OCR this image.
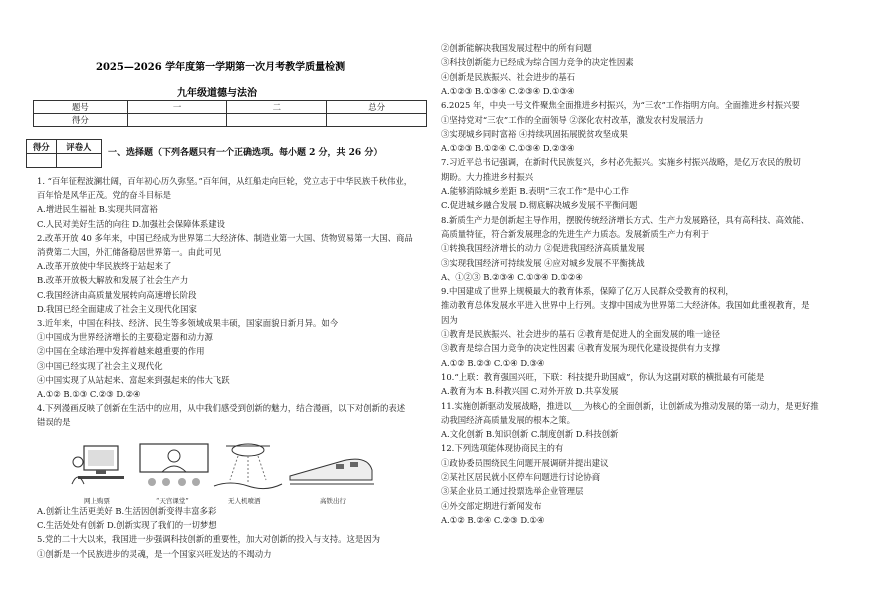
2025—2026 学年度第一学期第一次月考教学质量检测
九年级道德与法治
题号	一	二	总分
得分			
得分	评卷人

一、选择题（下列各题只有一个正确选项。每小题 2 分，共 26 分）
1. “百年征程波澜壮阔，百年初心历久弥坚。”百年间，从红船走向巨轮，党立志于中华民族千秋伟业，
百年恰是风华正茂。党的奋斗目标是
A.增进民生福祉 B.实现共同富裕
C.人民对美好生活的向往 D.加强社会保障体系建设
2.改革开放 40 多年来，中国已经成为世界第二大经济体、制造业第一大国、货物贸易第一大国、商品
消费第二大国，外汇储备稳居世界第一。由此可见
A.改革开放使中华民族终于站起来了
B.改革开放极大解放和发展了社会生产力
C.我国经济由高质量发展转向高速增长阶段
D.我国已经全面建成了社会主义现代化国家
3.近年来，中国在科技、经济、民生等多领域成果丰硕，国家面貌日新月异。如今
①中国成为世界经济增长的主要稳定器和动力源
②中国在全球治理中发挥着越来越重要的作用
③中国已经实现了社会主义现代化
④中国实现了从站起来、富起来到强起来的伟大飞跃
A.①② B.①③ C.②③ D.②④
4.下列漫画反映了创新在生活中的应用，从中我们感受到创新的魅力，结合漫画，以下对创新的表述
错误的是
网上购票	“天宫课堂”	无人机喷洒	高铁出行
A.创新让生活更美好 B.生活因创新变得丰富多彩
C.生活处处有创新 D.创新实现了我们的一切梦想
5.党的二十大以来，我国进一步强调科技创新的重要性，加大对创新的投入与支持。这是因为
①创新是一个民族进步的灵魂，是一个国家兴旺发达的不竭动力
②创新能解决我国发展过程中的所有问题
③科技创新能力已经成为综合国力竞争的决定性因素
④创新是民族振兴、社会进步的基石
A.①②③ B.①③④ C.②③④ D.①③④
6.2025 年，中央一号文件聚焦全面推进乡村振兴，为“三农”工作指明方向。全面推进乡村振兴要
①坚持党对“三农”工作的全面领导 ②深化农村改革，激发农村发展活力
③实现城乡同时富裕 ④持续巩固拓展脱贫攻坚成果
A.①②③ B.①②④ C.①③④ D.②③④
7.习近平总书记强调，在新时代民族复兴，乡村必先振兴。实施乡村振兴战略，是亿万农民的殷切
期盼。大力推进乡村振兴
A.能够消除城乡差距 B.表明“三农工作”是中心工作
C.促进城乡融合发展 D.彻底解决城乡发展不平衡问题
8.新质生产力是创新起主导作用，摆脱传统经济增长方式、生产力发展路径，具有高科技、高效能、
高质量特征，符合新发展理念的先进生产力质态。发展新质生产力有利于
①转换我国经济增长的动力 ②促进我国经济高质量发展
③实现我国经济可持续发展 ④应对城乡发展不平衡挑战
A、①②③ B.②③④ C.①③④ D.①②④
9.中国建成了世界上规模最大的教育体系，保障了亿万人民群众受教育的权利，
推动教育总体发展水平进入世界中上行列。支撑中国成为世界第二大经济体。我国如此重视教育，是
因为
①教育是民族振兴、社会进步的基石 ②教育是促进人的全面发展的唯一途径
③教育是综合国力竞争的决定性因素 ④教育发展为现代化建设提供有力支撑
A.①② B.②③ C.①④ D.③④
10.“上联：教育强国兴旺，下联：科技提升助国威”，你认为这副对联的横批最有可能是
A.教育为本 B.科教兴国 C.对外开放 D.共享发展
11.实施创新驱动发展战略，推进以___为核心的全面创新，让创新成为推动发展的第一动力，是更好推
动我国经济高质量发展的根本之策。
A.文化创新 B.知识创新 C.制度创新 D.科技创新
12.下列选项能体现协商民主的有
①政协委员围绕民生问题开展调研并提出建议
②某社区居民就小区停车问题进行讨论协商
③某企业员工通过投票选举企业管理层
④外交部定期进行新闻发布
A.①② B.②④ C.②③ D.①④
